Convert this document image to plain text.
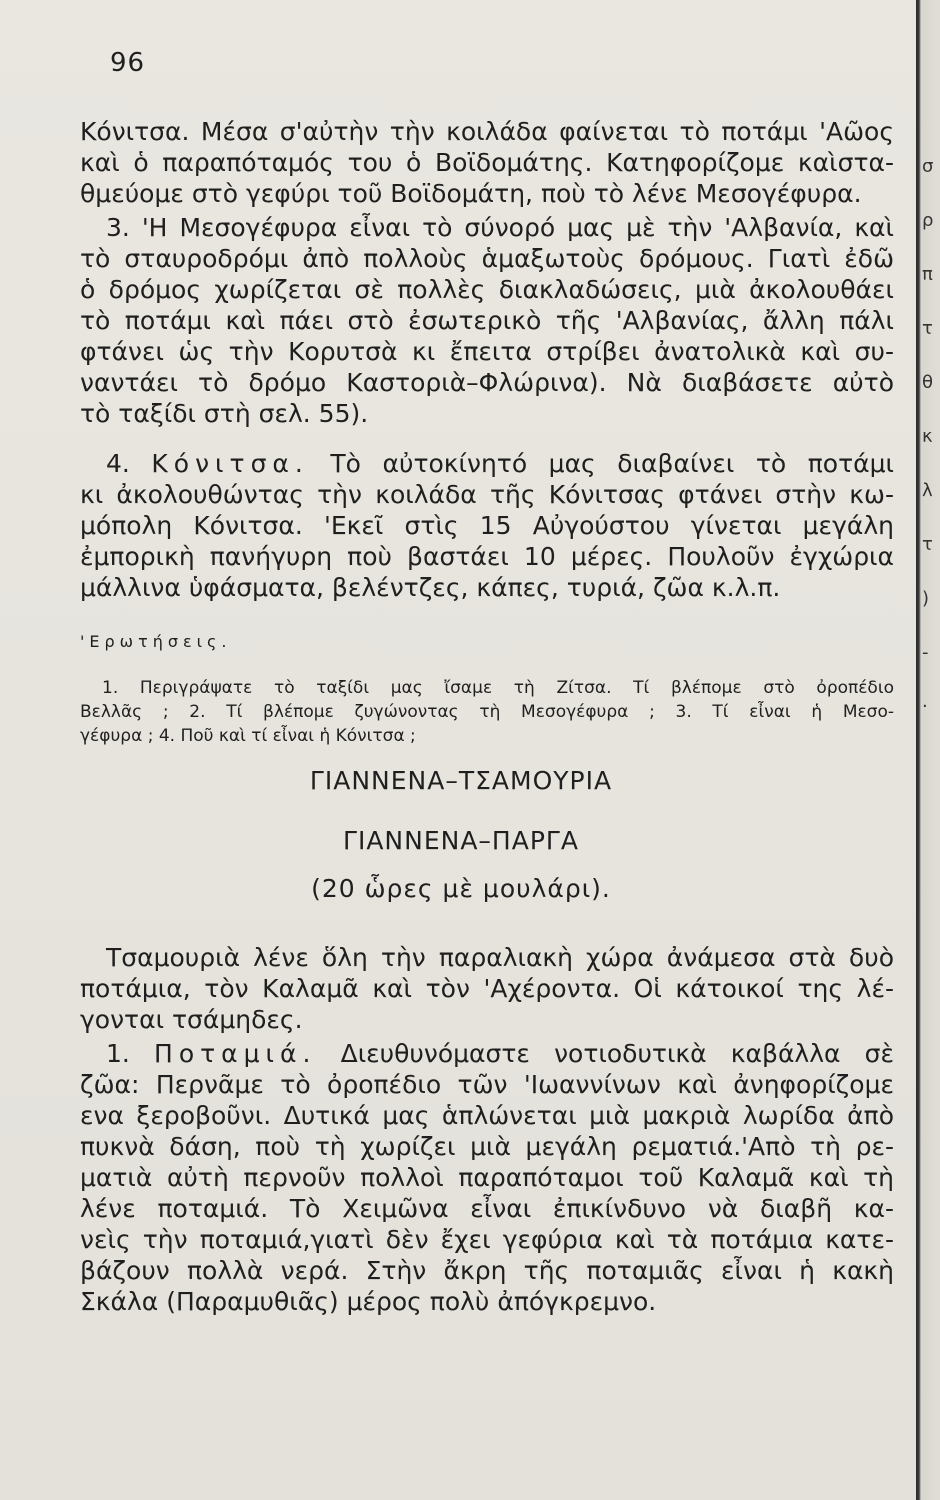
96
Κόνιτσα. Μέσα σ'αὐτὴν τὴν κοιλάδα φαίνεται τὸ ποτάμι 'Αῶος
καὶ ὁ παραπόταμός του ὁ Βοϊδομάτης. Κατηφορίζομε καὶστα-
θμεύομε στὸ γεφύρι τοῦ Βοϊδομάτη, ποὺ τὸ λένε Μεσογέφυρα.
3. 'Η Μεσογέφυρα εἶναι τὸ σύνορό μας μὲ τὴν 'Αλβανία, καὶ
τὸ σταυροδρόμι ἀπὸ πολλοὺς ἁμαξωτοὺς δρόμους. Γιατὶ ἐδῶ
ὁ δρόμος χωρίζεται σὲ πολλὲς διακλαδώσεις, μιὰ ἀκολουθάει
τὸ ποτάμι καὶ πάει στὸ ἐσωτερικὸ τῆς 'Αλβανίας, ἄλλη πάλι
φτάνει ὡς τὴν Κορυτσὰ κι ἔπειτα στρίβει ἀνατολικὰ καὶ συ-
ναντάει τὸ δρόμο Καστοριὰ–Φλώρινα). Νὰ διαβάσετε αὐτὸ
τὸ ταξίδι στὴ σελ. 55).
4. Κόνιτσα. Τὸ αὐτοκίνητό μας διαβαίνει τὸ ποτάμι
κι ἀκολουθώντας τὴν κοιλάδα τῆς Κόνιτσας φτάνει στὴν κω-
μόπολη Κόνιτσα. 'Εκεῖ στὶς 15 Αὐγούστου γίνεται μεγάλη
ἐμπορικὴ πανήγυρη ποὺ βαστάει 10 μέρες. Πουλοῦν ἐγχώρια
μάλλινα ὑφάσματα, βελέντζες, κάπες, τυριά, ζῶα κ.λ.π.
'Ερωτήσεις.
1. Περιγράψατε τὸ ταξίδι μας ἴσαμε τὴ Ζίτσα. Τί βλέπομε στὸ ὀροπέδιο
Βελλᾶς ; 2. Τί βλέπομε ζυγώνοντας τὴ Μεσογέφυρα ; 3. Τί εἶναι ἡ Μεσο-
γέφυρα ; 4. Ποῦ καὶ τί εἶναι ἡ Κόνιτσα ;
ΓΙΑΝΝΕΝΑ–ΤΣΑΜΟΥΡΙΑ
ΓΙΑΝΝΕΝΑ–ΠΑΡΓΑ
(20 ὧρες μὲ μουλάρι).
Τσαμουριὰ λένε ὅλη τὴν παραλιακὴ χώρα ἀνάμεσα στὰ δυὸ
ποτάμια, τὸν Καλαμᾶ καὶ τὸν 'Αχέροντα. Οἱ κάτοικοί της λέ-
γονται τσάμηδες.
1. Ποταμιά. Διευθυνόμαστε νοτιοδυτικὰ καβάλλα σὲ
ζῶα: Περνᾶμε τὸ ὀροπέδιο τῶν 'Ιωαννίνων καὶ ἀνηφορίζομε
ενα ξεροβοῦνι. Δυτικά μας ἁπλώνεται μιὰ μακριὰ λωρίδα ἀπὸ
πυκνὰ δάση, ποὺ τὴ χωρίζει μιὰ μεγάλη ρεματιά.'Απὸ τὴ ρε-
ματιὰ αὐτὴ περνοῦν πολλοὶ παραπόταμοι τοῦ Καλαμᾶ καὶ τὴ
λένε ποταμιά. Τὸ Χειμῶνα εἶναι ἐπικίνδυνο νὰ διαβῆ κα-
νεὶς τὴν ποταμιά,γιατὶ δὲν ἔχει γεφύρια καὶ τὰ ποτάμια κατε-
βάζουν πολλὰ νερά. Στὴν ἄκρη τῆς ποταμιᾶς εἶναι ἡ κακὴ
Σκάλα (Παραμυθιᾶς) μέρος πολὺ ἀπόγκρεμνο.
σ
ρ
π
τ
θ
κ
λ
τ
)
-
·
